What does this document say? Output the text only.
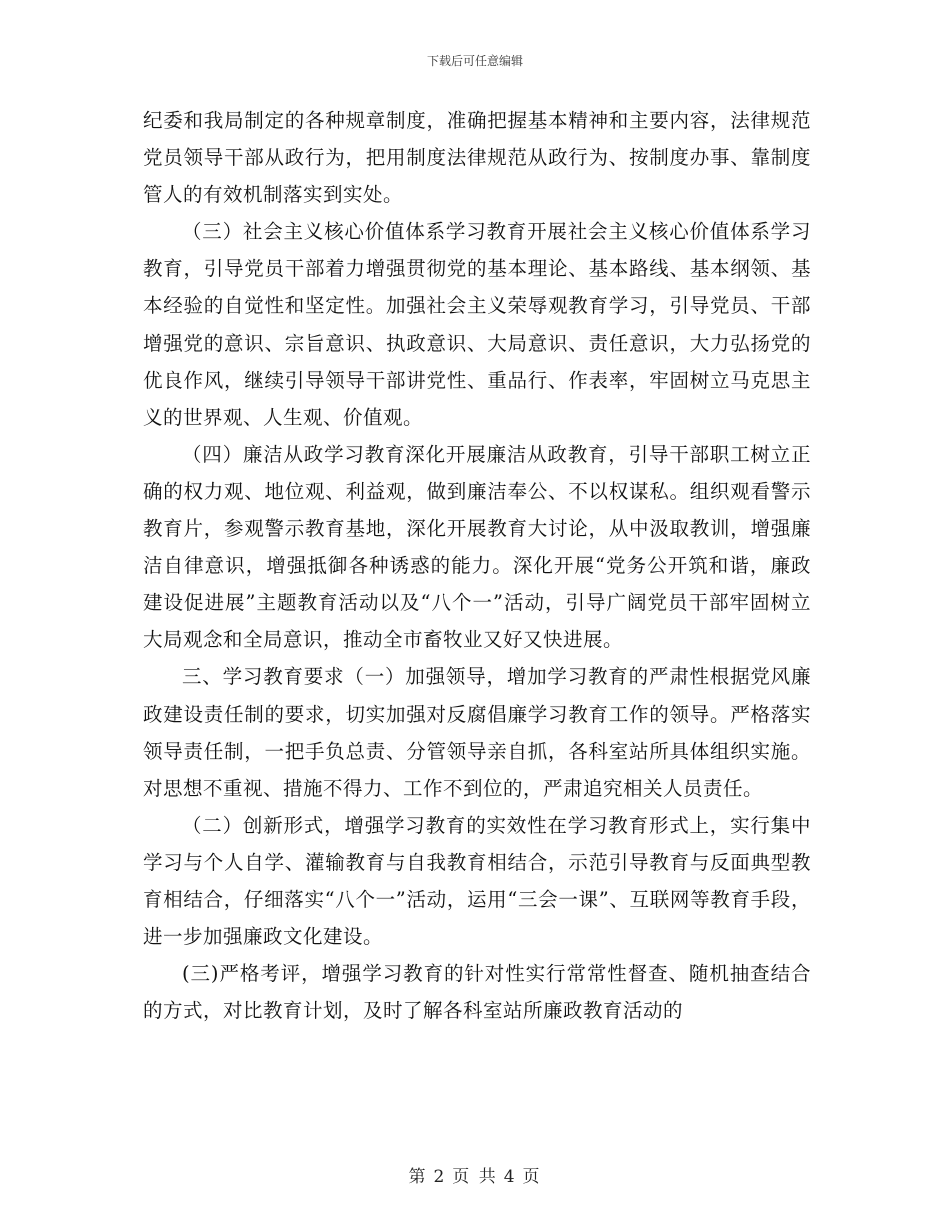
下载后可任意编辑

纪委和我局制定的各种规章制度，准确把握基本精神和主要内容，法律规范党员领导干部从政行为，把用制度法律规范从政行为、按制度办事、靠制度管人的有效机制落实到实处。

（三）社会主义核心价值体系学习教育开展社会主义核心价值体系学习教育，引导党员干部着力增强贯彻党的基本理论、基本路线、基本纲领、基本经验的自觉性和坚定性。加强社会主义荣辱观教育学习，引导党员、干部增强党的意识、宗旨意识、执政意识、大局意识、责任意识，大力弘扬党的优良作风，继续引导领导干部讲党性、重品行、作表率，牢固树立马克思主义的世界观、人生观、价值观。

（四）廉洁从政学习教育深化开展廉洁从政教育，引导干部职工树立正确的权力观、地位观、利益观，做到廉洁奉公、不以权谋私。组织观看警示教育片，参观警示教育基地，深化开展教育大讨论，从中汲取教训，增强廉洁自律意识，增强抵御各种诱惑的能力。深化开展“党务公开筑和谐，廉政建设促进展”主题教育活动以及“八个一”活动，引导广阔党员干部牢固树立大局观念和全局意识，推动全市畜牧业又好又快进展。

三、学习教育要求（一）加强领导，增加学习教育的严肃性根据党风廉政建设责任制的要求，切实加强对反腐倡廉学习教育工作的领导。严格落实领导责任制，一把手负总责、分管领导亲自抓，各科室站所具体组织实施。对思想不重视、措施不得力、工作不到位的，严肃追究相关人员责任。

（二）创新形式，增强学习教育的实效性在学习教育形式上，实行集中学习与个人自学、灌输教育与自我教育相结合，示范引导教育与反面典型教育相结合，仔细落实“八个一”活动，运用“三会一课”、互联网等教育手段，进一步加强廉政文化建设。

(三)严格考评，增强学习教育的针对性实行常常性督查、随机抽查结合的方式，对比教育计划，及时了解各科室站所廉政教育活动的

第 2 页 共 4 页
